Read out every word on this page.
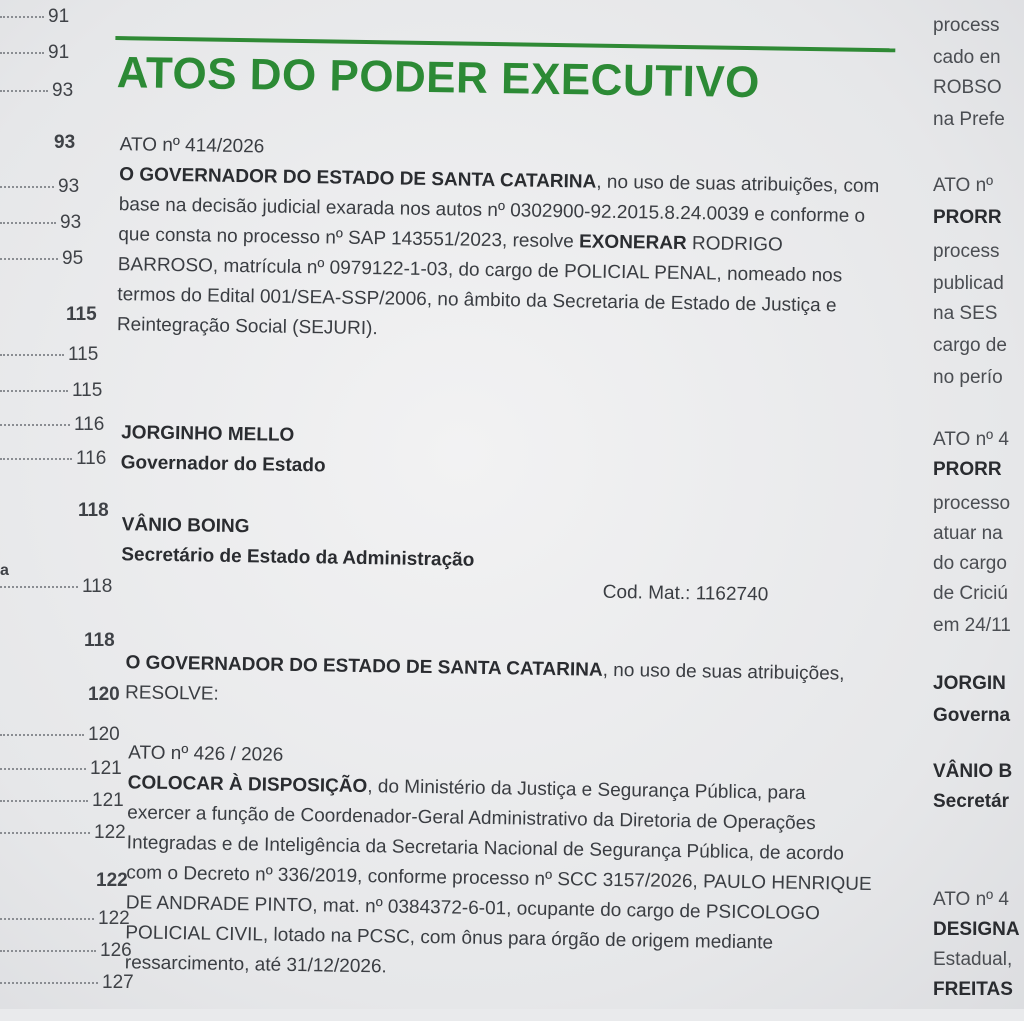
91
91
93
93
93
93
95
115
115
115
116
116
118
118
118
120
120
121
121
122
122
122
126
127
a
ATOS DO PODER EXECUTIVO

ATO nº 414/2026

O GOVERNADOR DO ESTADO DE SANTA CATARINA, no uso de suas atribuições, com base na decisão judicial exarada nos autos nº 0302900-92.2015.8.24.0039 e conforme o que consta no processo nº SAP 143551/2023, resolve EXONERAR RODRIGO BARROSO, matrícula nº 0979122-1-03, do cargo de POLICIAL PENAL, nomeado nos termos do Edital 001/SEA-SSP/2006, no âmbito da Secretaria de Estado de Justiça e Reintegração Social (SEJURI).

JORGINHO MELLO
Governador do Estado
VÂNIO BOING
Secretário de Estado da Administração
Cod. Mat.: 1162740

O GOVERNADOR DO ESTADO DE SANTA CATARINA, no uso de suas atribuições, RESOLVE:

ATO nº 426 / 2026

COLOCAR À DISPOSIÇÃO, do Ministério da Justiça e Segurança Pública, para exercer a função de Coordenador-Geral Administrativo da Diretoria de Operações Integradas e de Inteligência da Secretaria Nacional de Segurança Pública, de acordo com o Decreto nº 336/2019, conforme processo nº SCC 3157/2026, PAULO HENRIQUE DE ANDRADE PINTO, mat. nº 0384372-6-01, ocupante do cargo de PSICOLOGO POLICIAL CIVIL, lotado na PCSC, com ônus para órgão de origem mediante ressarcimento, até 31/12/2026.

process
cado en
ROBSO
na Prefe
ATO nº
PRORR
process
publicad
na SES
cargo de
no perío
ATO nº 4
PRORR
processo
atuar na
do cargo
de Criciú
em 24/11
JORGIN
Governa
VÂNIO B
Secretár
ATO nº 4
DESIGNA
Estadual,
FREITAS
